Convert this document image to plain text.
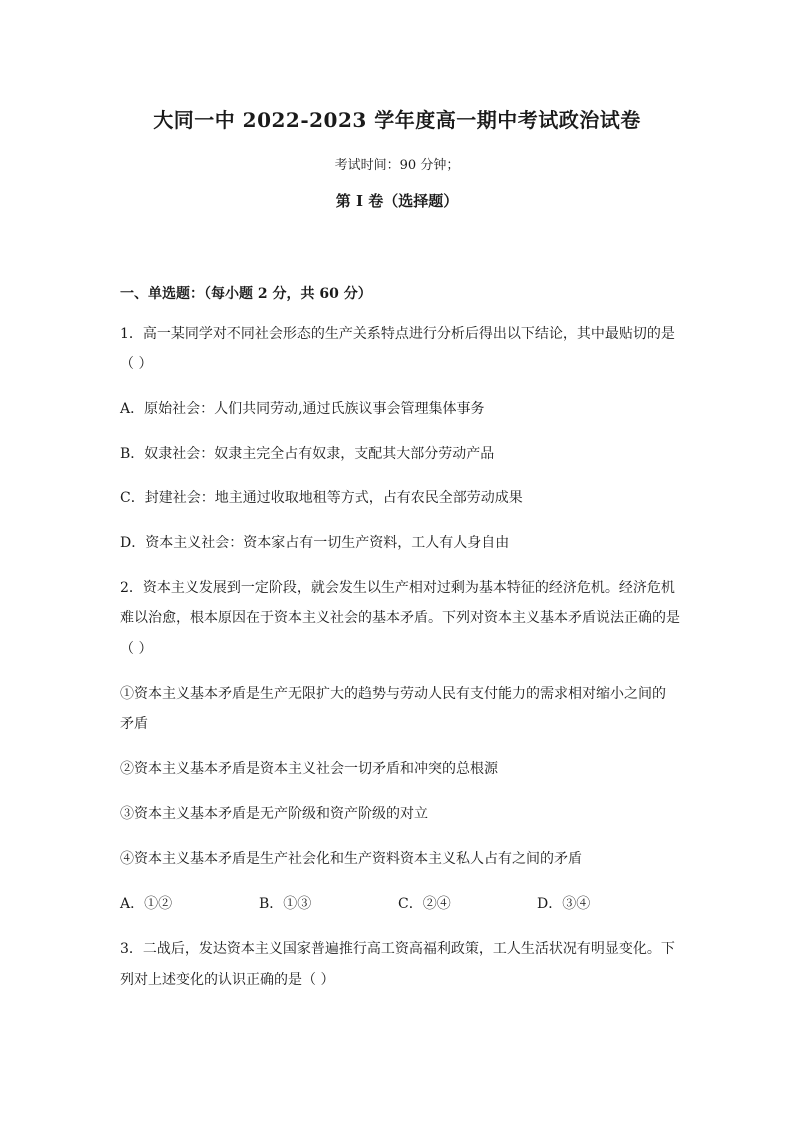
大同一中 2022-2023 学年度高一期中考试政治试卷
考试时间：90 分钟；
第 I 卷（选择题）
一、单选题：（每小题 2 分，共 60 分）
1．高一某同学对不同社会形态的生产关系特点进行分析后得出以下结论，其中最贴切的是
（ ）
A．原始社会：人们共同劳动,通过氏族议事会管理集体事务
B．奴隶社会：奴隶主完全占有奴隶，支配其大部分劳动产品
C．封建社会：地主通过收取地租等方式，占有农民全部劳动成果
D．资本主义社会：资本家占有一切生产资料，工人有人身自由
2．资本主义发展到一定阶段，就会发生以生产相对过剩为基本特征的经济危机。经济危机
难以治愈，根本原因在于资本主义社会的基本矛盾。下列对资本主义基本矛盾说法正确的是
（ ）
①资本主义基本矛盾是生产无限扩大的趋势与劳动人民有支付能力的需求相对缩小之间的
矛盾
②资本主义基本矛盾是资本主义社会一切矛盾和冲突的总根源
③资本主义基本矛盾是无产阶级和资产阶级的对立
④资本主义基本矛盾是生产社会化和生产资料资本主义私人占有之间的矛盾
A．①②	B．①③	C．②④	D．③④
3．二战后，发达资本主义国家普遍推行高工资高福利政策，工人生活状况有明显变化。下
列对上述变化的认识正确的是（ ）
